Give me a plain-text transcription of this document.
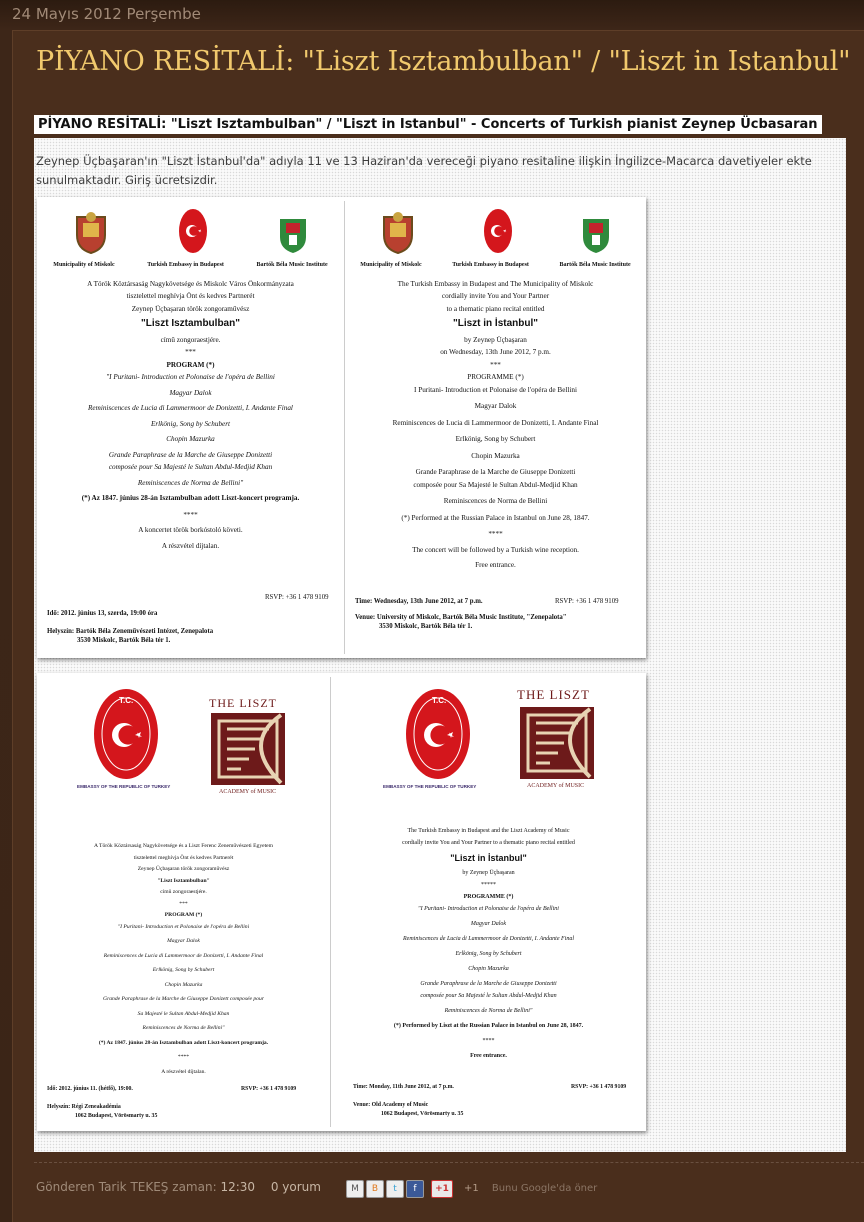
24 Mayıs 2012 Perşembe
PİYANO RESİTALİ: "Liszt Isztambulban" / "Liszt in Istanbul"
PİYANO RESİTALİ: "Liszt Isztambulban" / "Liszt in Istanbul" - Concerts of Turkish pianist Zeynep Ücbasaran
Zeynep Üçbaşaran'ın "Liszt İstanbul'da" adıyla 11 ve 13 Haziran'da vereceği piyano resitaline ilişkin İngilizce-Macarca davetiyeler ekte sunulmaktadır. Giriş ücretsizdir.
Municipality of Miskolc	Turkish Embassy in Budapest	Bartók Béla Music Institute
A Török Köztársaság Nagykövetsége és Miskolc Város Önkormányzata
tisztelettel meghívja Önt és kedves Partnerét
Zeynep Üçbaşaran török zongoraművész
"Liszt Isztambulban"
címû zongoraestjére.
***
PROGRAM (*)
"I Puritani- Introduction et Polonaise de l'opéra de Bellini
Magyar Dalok
Reminiscences de Lucia di Lammermoor de Donizetti, I. Andante Final
Erlkönig, Song by Schubert
Chopin Mazurka
Grande Paraphrase de la Marche de Giuseppe Donizetti
composée pour Sa Majesté le Sultan Abdul-Medjid Khan
Reminiscences de Norma de Bellini"
(*) Az 1847. június 28-án Isztambulban adott Liszt-koncert programja.
****
A koncertet török borkóstoló követi.
A részvétel díjtalan.
RSVP: +36 1 478 9109
Idő: 2012. június 13, szerda, 19:00 óra
Helyszín: Bartók Béla Zeneművészeti Intézet, Zenepalota
3530 Miskolc, Bartók Béla tér 1.
Municipality of Miskolc	Turkish Embassy in Budapest	Bartók Béla Music Institute
The Turkish Embassy in Budapest and The Municipality of Miskolc
cordially invite You and Your Partner
to a thematic piano recital entitled
"Liszt in İstanbul"
by Zeynep Üçbaşaran
on Wednesday, 13th June 2012, 7 p.m.
***
PROGRAMME (*)
I Puritani- Introduction et Polonaise de l'opéra de Bellini
Magyar Dalok
Reminiscences de Lucia di Lammermoor de Donizetti, I. Andante Final
Erlkönig, Song by Schubert
Chopin Mazurka
Grande Paraphrase de la Marche de Giuseppe Donizetti
composée pour Sa Majesté le Sultan Abdul-Medjid Khan
Reminiscences de Norma de Bellini
(*) Performed at the Russian Palace in Istanbul on June 28, 1847.
****
The concert will be followed by a Turkish wine reception.
Free entrance.
Time: Wednesday, 13th June 2012, at 7 p.m.	RSVP: +36 1 478 9109
Venue: University of Miskolc, Bartók Béla Music Institute, "Zenepalota"
3530 Miskolc, Bartók Béla tér 1.
T.C.
EMBASSY OF THE REPUBLIC OF TURKEY
THE LISZT
ACADEMY of MUSIC
A Török Köztársaság Nagykövetsége és a Liszt Ferenc Zeneművészeti Egyetem
tisztelettel meghívja Önt és kedves Partnerét
Zeynep Üçbaşaran török zongoraművész
"Liszt Isztambulban"
címû zongoraestjére.
***
PROGRAM (*)
"I Puritani- Introduction et Polonaise de l'opéra de Bellini
Magyar Dalok
Reminiscences de Lucia di Lammermoor de Donizetti, I. Andante Final
Erlkönig, Song by Schubert
Chopin Mazurka
Grande Paraphrase de la Marche de Giuseppe Donizett composée pour
Sa Majesté le Sultan Abdul-Medjid Khan
Reminiscences de Norma de Bellini"
(*) Az 1847. június 28-án Isztambulban adott Liszt-koncert programja.
****
A részvétel díjtalan.
Idő: 2012. június 11. (hétfő), 19:00.	RSVP: +36 1 478 9109
Helyszín: Régi Zeneakadémia
1062 Budapest, Vörösmarty u. 35
T.C.
EMBASSY OF THE REPUBLIC OF TURKEY
THE LISZT
ACADEMY of MUSIC
The Turkish Embassy in Budapest and the Liszt Academy of Music
cordially invite You and Your Partner to a thematic piano recital entitled
"Liszt in İstanbul"
by Zeynep Üçbaşaran
*****
PROGRAMME (*)
"I Puritani- Introduction et Polonaise de l'opéra de Bellini
Magyar Dalok
Reminiscences de Lucia di Lammermoor de Donizetti, I. Andante Final
Erlkönig, Song by Schubert
Chopin Mazurka
Grande Paraphrase de la Marche de Giuseppe Donizetti
composée pour Sa Majesté le Sultan Abdul-Medjid Khan
Reminiscences de Norma de Bellini"
(*) Performed by Liszt at the Russian Palace in Istanbul on June 28, 1847.
****
Free entrance.
Time: Monday, 11th June 2012, at 7 p.m.	RSVP: +36 1 478 9109
Venue: Old Academy of Music
1062 Budapest, Vörösmarty u. 35
Gönderen Tarik TEKEŞ zaman: 12:30 0 yorum	M B t f +1 $^{+1}$ $^{Bunu Google'da öner}$
